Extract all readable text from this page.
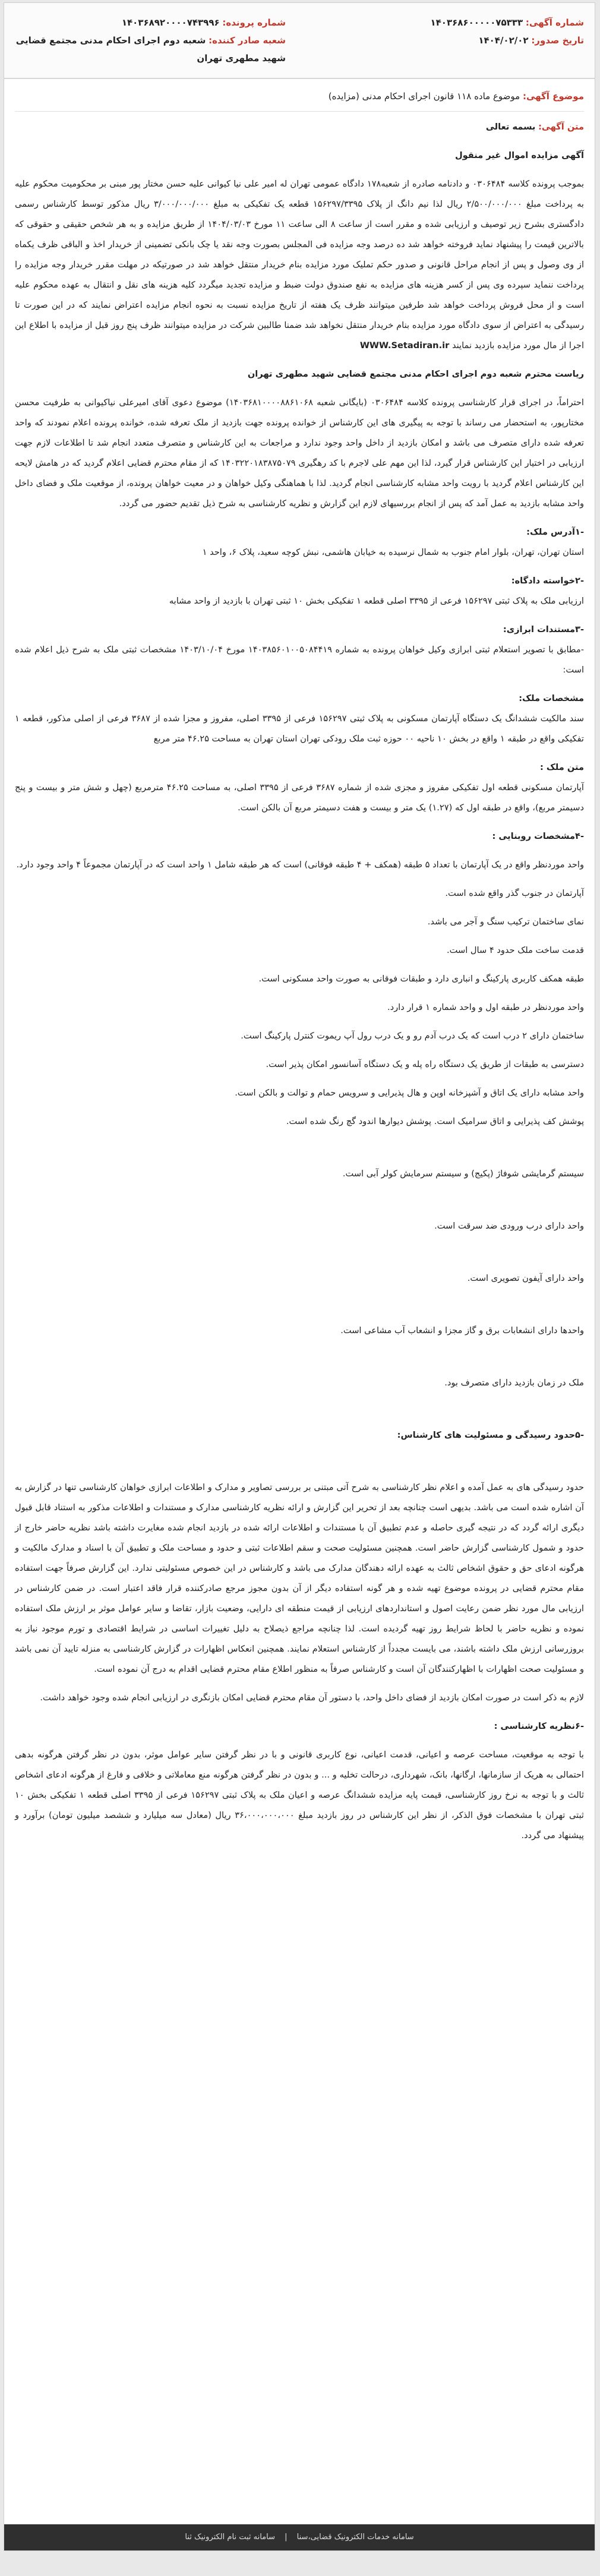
شماره آگهی: ۱۴۰۳۶۸۶۰۰۰۰۰۷۵۳۳۳
تاریخ صدور: ۱۴۰۴/۰۲/۰۲
شماره پرونده: ۱۴۰۳۶۸۹۲۰۰۰۰۷۴۳۹۹۶
شعبه صادر کننده: شعبه دوم اجرای احکام مدنی مجتمع قضایی شهید مطهری تهران
موضوع آگهی: موضوع ماده ۱۱۸ قانون اجرای احکام مدنی (مزایده)

متن آگهی: بسمه تعالی

آگهی مزایده اموال غیر منقول

بموجب پرونده کلاسه ۰۳۰۶۴۸۴ و دادنامه صادره از شعبه۱۷۸ دادگاه عمومی تهران له امیر علی نیا کیوانی علیه حسن مختار پور مبنی بر محکومیت محکوم علیه به پرداخت مبلغ ۲/۵۰۰/۰۰۰/۰۰۰ ریال لذا نیم دانگ از پلاک ۱۵۶۲۹۷/۳۳۹۵ قطعه یک تفکیکی به مبلغ ۳/۰۰۰/۰۰۰/۰۰۰ ریال مذکور توسط کارشناس رسمی دادگستری بشرح زیر توصیف و ارزیابی شده و مقرر است از ساعت ۸ الی ساعت ۱۱ مورخ ۱۴۰۴/۰۳/۰۳ از طریق مزایده و به هر شخص حقیقی و حقوقی که بالاترین قیمت را پیشنهاد نماید فروخته خواهد شد ده درصد وجه مزایده فی المجلس بصورت وجه نقد یا چک بانکی تضمینی از خریدار اخذ و الباقی ظرف یکماه از وی وصول و پس از انجام مراحل قانونی و صدور حکم تملیک مورد مزایده بنام خریدار منتقل خواهد شد در صورتیکه در مهلت مقرر خریدار وجه مزایده را پرداخت ننماید سپرده وی پس از کسر هزینه های مزایده به نفع صندوق دولت ضبط و مزایده تجدید میگردد کلیه هزینه های نقل و انتقال به عهده محکوم علیه است و از محل فروش پرداخت خواهد شد طرفین میتوانند ظرف یک هفته از تاریخ مزایده نسبت به نحوه انجام مزایده اعتراض نمایند که در این صورت تا رسیدگی به اعتراض از سوی دادگاه مورد مزایده بنام خریدار منتقل نخواهد شد ضمنا طالبین شرکت در مزایده میتوانند ظرف پنج روز قبل از مزایده با اطلاع این اجرا از مال مورد مزایده بازدید نمایند WWW.Setadiran.ir

ریاست محترم شعبه دوم اجرای احکام مدنی مجتمع قضایی شهید مطهری تهران

احتراماً، در اجرای قرار کارشناسی پرونده کلاسه ۰۳۰۶۴۸۴ (بایگانی شعبه ۱۴۰۳۶۸۱۰۰۰۰۸۸۶۱۰۶۸) موضوع دعوی آقای امیرعلی نیاکیوانی به طرفیت محسن مختارپور، به استحضار می رساند با توجه به پیگیری های این کارشناس از خوانده پرونده جهت بازدید از ملک تعرفه شده، خوانده پرونده اعلام نمودند که واحد تعرفه شده دارای متصرف می باشد و امکان بازدید از داخل واحد وجود ندارد و مراجعات به این کارشناس و متصرف متعدد انجام شد تا اطلاعات لازم جهت ارزیابی در اختیار این کارشناس قرار گیرد، لذا این مهم علی لاجرم با کد رهگیری ۱۴۰۳۲۲۰۱۸۳۸۷۵۰۷۹ که از مقام محترم قضایی اعلام گردید که در هامش لایحه این کارشناس اعلام گردید با رویت واحد مشابه کارشناسی انجام گردید. لذا با هماهنگی وکیل خواهان و در معیت خواهان پرونده، از موقعیت ملک و فضای داخل واحد مشابه بازدید به عمل آمد که پس از انجام بررسیهای لازم این گزارش و نظریه کارشناسی به شرح ذیل تقدیم حضور می گردد.

-۱آدرس ملک:
استان تهران، تهران، بلوار امام جنوب به شمال نرسیده به خیابان هاشمی، نبش کوچه سعید، پلاک ۶، واحد ۱

-۲خواسته دادگاه:
ارزیابی ملک به پلاک ثبتی ۱۵۶۲۹۷ فرعی از ۳۳۹۵ اصلی قطعه ۱ تفکیکی بخش ۱۰ ثبتی تهران با بازدید از واحد مشابه

-۳مستندات ابرازی:
-مطابق با تصویر استعلام ثبتی ابرازی وکیل خواهان پرونده به شماره ۱۴۰۳۸۵۶۰۱۰۰۵۰۸۴۴۱۹ مورخ ۱۴۰۳/۱۰/۰۴ مشخصات ثبتی ملک به شرح ذیل اعلام شده است:

مشخصات ملک:
سند مالکیت ششدانگ یک دستگاه آپارتمان مسکونی به پلاک ثبتی ۱۵۶۲۹۷ فرعی از ۳۳۹۵ اصلی، مفروز و مجزا شده از ۳۶۸۷ فرعی از اصلی مذکور، قطعه ۱ تفکیکی واقع در طبقه ۱ واقع در بخش ۱۰ ناحیه ۰۰ حوزه ثبت ملک رودکی تهران استان تهران به مساحت ۴۶.۲۵ متر مربع

متن ملک :
آپارتمان مسکونی قطعه اول تفکیکی مفروز و مجزی شده از شماره ۳۶۸۷ فرعی از ۳۳۹۵ اصلی، به مساحت ۴۶.۲۵ مترمربع (چهل و شش متر و بیست و پنج دسیمتر مربع)، واقع در طبقه اول که (۱.۲۷) یک متر و بیست و هفت دسیمتر مربع آن بالکن است.

-۴مشخصات روبنایی :

واحد موردنظر واقع در یک آپارتمان با تعداد ۵ طبقه (همکف + ۴ طبقه فوقانی) است که هر طبقه شامل ۱ واحد است که در آپارتمان مجموعاً ۴ واحد وجود دارد.

آپارتمان در جنوب گذر واقع شده است.

نمای ساختمان ترکیب سنگ و آجر می باشد.

قدمت ساخت ملک حدود ۴ سال است.

طبقه همکف کاربری پارکینگ و انباری دارد و طبقات فوقانی به صورت واحد مسکونی است.

واحد موردنظر در طبقه اول و واحد شماره ۱ قرار دارد.

ساختمان دارای ۲ درب است که یک درب آدم رو و یک درب رول آپ ریموت کنترل پارکینگ است.

دسترسی به طبقات از طریق یک دستگاه راه پله و یک دستگاه آسانسور امکان پذیر است.

واحد مشابه دارای یک اتاق و آشپزخانه اوپن و هال پذیرایی و سرویس حمام و توالت و بالکن است.

پوشش کف پذیرایی و اتاق سرامیک است. پوشش دیوارها اندود گچ رنگ شده است.

سیستم گرمایشی شوفاژ (پکیج) و سیستم سرمایش کولر آبی است.

واحد دارای درب ورودی ضد سرقت است.

واحد دارای آیفون تصویری است.

واحدها دارای انشعابات برق و گاز مجزا و انشعاب آب مشاعی است.

ملک در زمان بازدید دارای متصرف بود.

-۵حدود رسیدگی و مسئولیت های کارشناس:

حدود رسیدگی های به عمل آمده و اعلام نظر کارشناسی به شرح آتی مبتنی بر بررسی تصاویر و مدارک و اطلاعات ابرازی خواهان کارشناسی تنها در گزارش به آن اشاره شده است می باشد. بدیهی است چنانچه بعد از تحریر این گزارش و ارائه نظریه کارشناسی مدارک و مستندات و اطلاعات مذکور به استناد قابل قبول دیگری ارائه گردد که در نتیجه گیری حاصله و عدم تطبیق آن با مستندات و اطلاعات ارائه شده در بازدید انجام شده مغایرت داشته باشد نظریه حاضر خارج از حدود و شمول کارشناسی گزارش حاضر است. همچنین مسئولیت صحت و سقم اطلاعات ثبتی و حدود و مساحت ملک و تطبیق آن با اسناد و مدارک مالکیت و هرگونه ادعای حق و حقوق اشخاص ثالث به عهده ارائه دهندگان مدارک می باشد و کارشناس در این خصوص مسئولیتی ندارد. این گزارش صرفاً جهت استفاده مقام محترم قضایی در پرونده موضوع تهیه شده و هر گونه استفاده دیگر از آن بدون مجوز مرجع صادرکننده قرار فاقد اعتبار است. در ضمن کارشناس در ارزیابی مال مورد نظر ضمن رعایت اصول و استانداردهای ارزیابی از قیمت منطقه ای دارایی، وضعیت بازار، تقاضا و سایر عوامل موثر بر ارزش ملک استفاده نموده و نظریه حاضر با لحاظ شرایط روز تهیه گردیده است. لذا چنانچه مراجع ذیصلاح به دلیل تغییرات اساسی در شرایط اقتصادی و تورم موجود نیاز به بروزرسانی ارزش ملک داشته باشند، می بایست مجدداً از کارشناس استعلام نمایند. همچنین انعکاس اظهارات در گزارش کارشناسی به منزله تایید آن نمی باشد و مسئولیت صحت اظهارات با اظهارکنندگان آن است و کارشناس صرفاً به منظور اطلاع مقام محترم قضایی اقدام به درج آن نموده است.

لازم به ذکر است در صورت امکان بازدید از فضای داخل واحد، با دستور آن مقام محترم قضایی امکان بازنگری در ارزیابی انجام شده وجود خواهد داشت.

-۶نظریه کارشناسی :

با توجه به موقعیت، مساحت عرصه و اعیانی، قدمت اعیانی، نوع کاربری قانونی و با در نظر گرفتن سایر عوامل موثر، بدون در نظر گرفتن هرگونه بدهی احتمالی به هریک از سازمانها، ارگانها، بانک، شهرداری، درحالت تخلیه و ... و بدون در نظر گرفتن هرگونه منع معاملاتی و خلافی و فارغ از هرگونه ادعای اشخاص ثالث و با توجه به نرخ روز کارشناسی، قیمت پایه مزایده ششدانگ عرصه و اعیان ملک به پلاک ثبتی ۱۵۶۲۹۷ فرعی از ۳۳۹۵ اصلی قطعه ۱ تفکیکی بخش ۱۰ ثبتی تهران با مشخصات فوق الذکر، از نظر این کارشناس در روز بازدید مبلغ ۳۶،۰۰۰،۰۰۰،۰۰۰ ریال (معادل سه میلیارد و ششصد میلیون تومان) برآورد و پیشنهاد می گردد.

سامانه خدمات الکترونیک قضایی،سنا | سامانه ثبت نام الکترونیک ثنا
